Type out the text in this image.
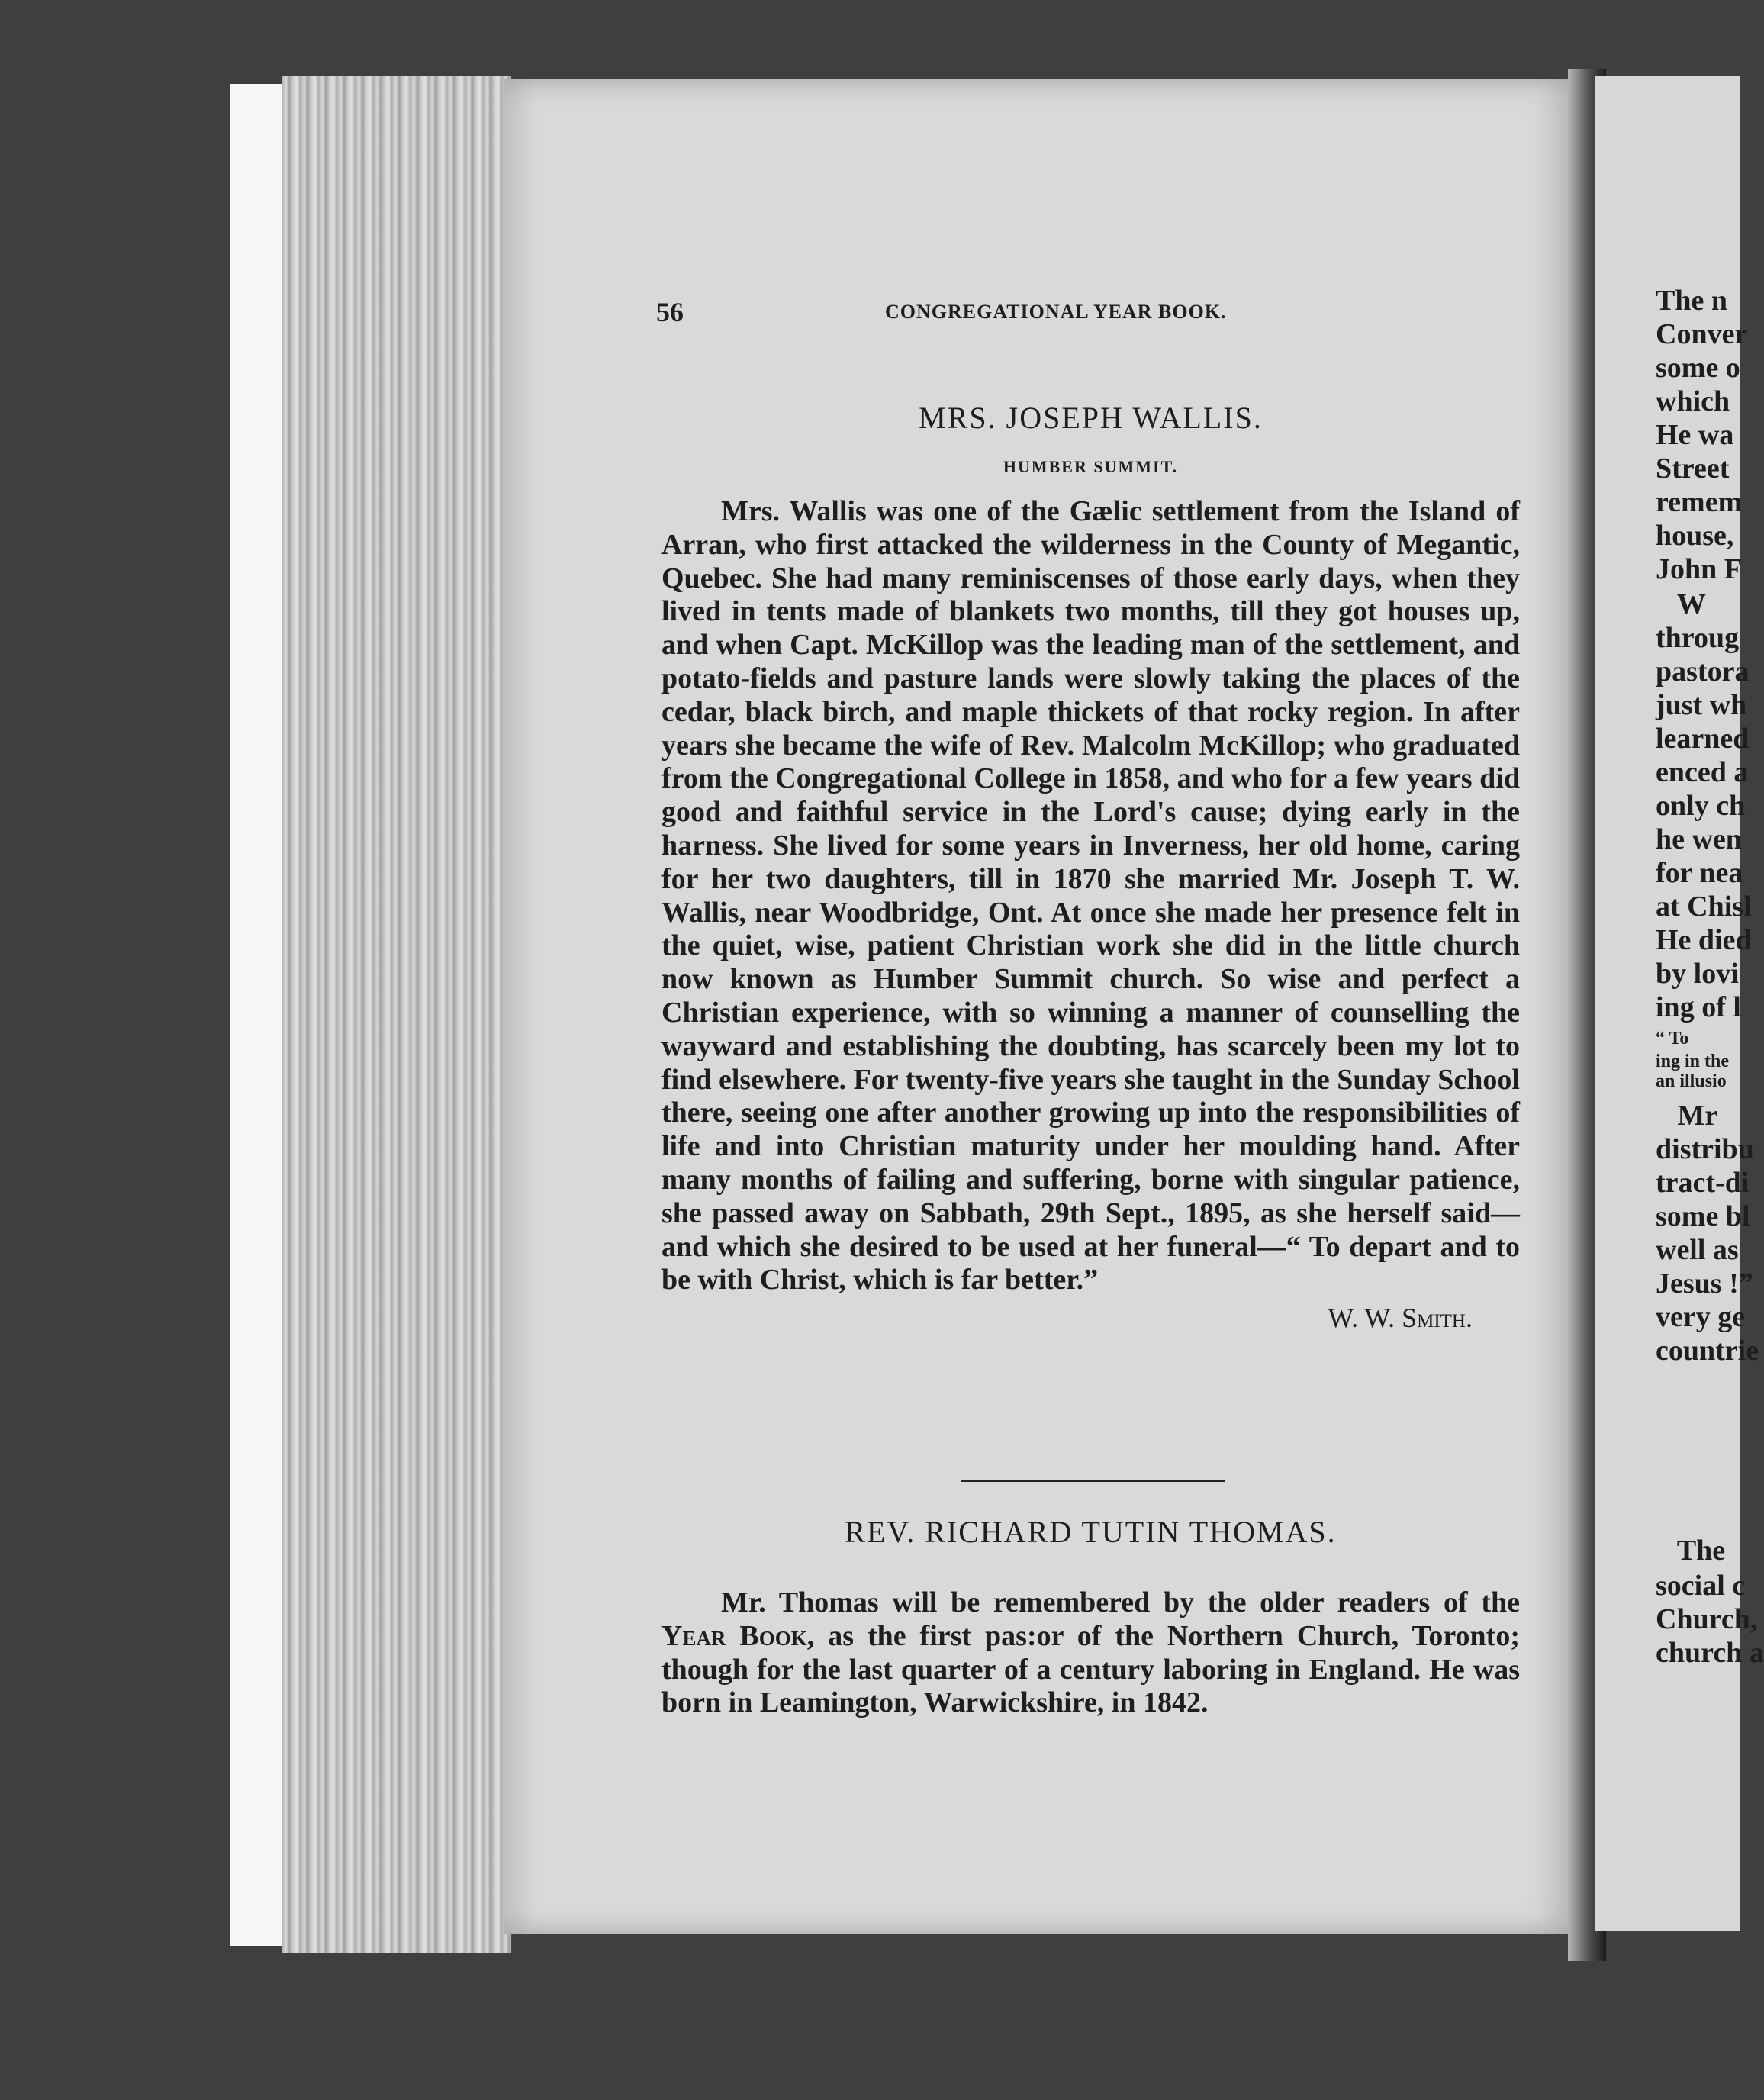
56	CONGREGATIONAL YEAR BOOK.
MRS. JOSEPH WALLIS.

HUMBER SUMMIT.

Mrs. Wallis was one of the Gælic settlement from the Island of Arran, who first attacked the wilderness in the County of Megantic, Quebec. She had many reminiscenses of those early days, when they lived in tents made of blankets two months, till they got houses up, and when Capt. McKillop was the leading man of the settlement, and potato-fields and pasture lands were slowly taking the places of the cedar, black birch, and maple thickets of that rocky region. In after years she became the wife of Rev. Malcolm McKillop; who graduated from the Congregational College in 1858, and who for a few years did good and faithful service in the Lord's cause; dying early in the harness. She lived for some years in Inverness, her old home, caring for her two daughters, till in 1870 she married Mr. Joseph T. W. Wallis, near Woodbridge, Ont. At once she made her presence felt in the quiet, wise, patient Christian work she did in the little church now known as Humber Summit church. So wise and perfect a Christian experience, with so winning a manner of counselling the wayward and establishing the doubting, has scarcely been my lot to find elsewhere. For twenty-five years she taught in the Sunday School there, seeing one after another growing up into the responsibilities of life and into Christian maturity under her moulding hand. After many months of failing and suffering, borne with singular patience, she passed away on Sabbath, 29th Sept., 1895, as she herself said—and which she desired to be used at her funeral—“ To depart and to be with Christ, which is far better.”

W. W. Smith.

REV. RICHARD TUTIN THOMAS.

Mr. Thomas will be remembered by the older readers of the Year Book, as the first pas:or of the Northern Church, Toronto; though for the last quarter of a century laboring in England. He was born in Leamington, Warwickshire, in 1842.

The n
Conver
some o
which
He wa
Street
remem
house,
John F
W
throug
pastora
just wh
learned
enced a
only ch
he wen
for nea
at Chisl
He died
by lovi
ing of l
“ To
ing in the
an illusio
Mr
distribu
tract-di
some bl
well as
Jesus !”
very ge
countrie
The
social c
Church,
church a
